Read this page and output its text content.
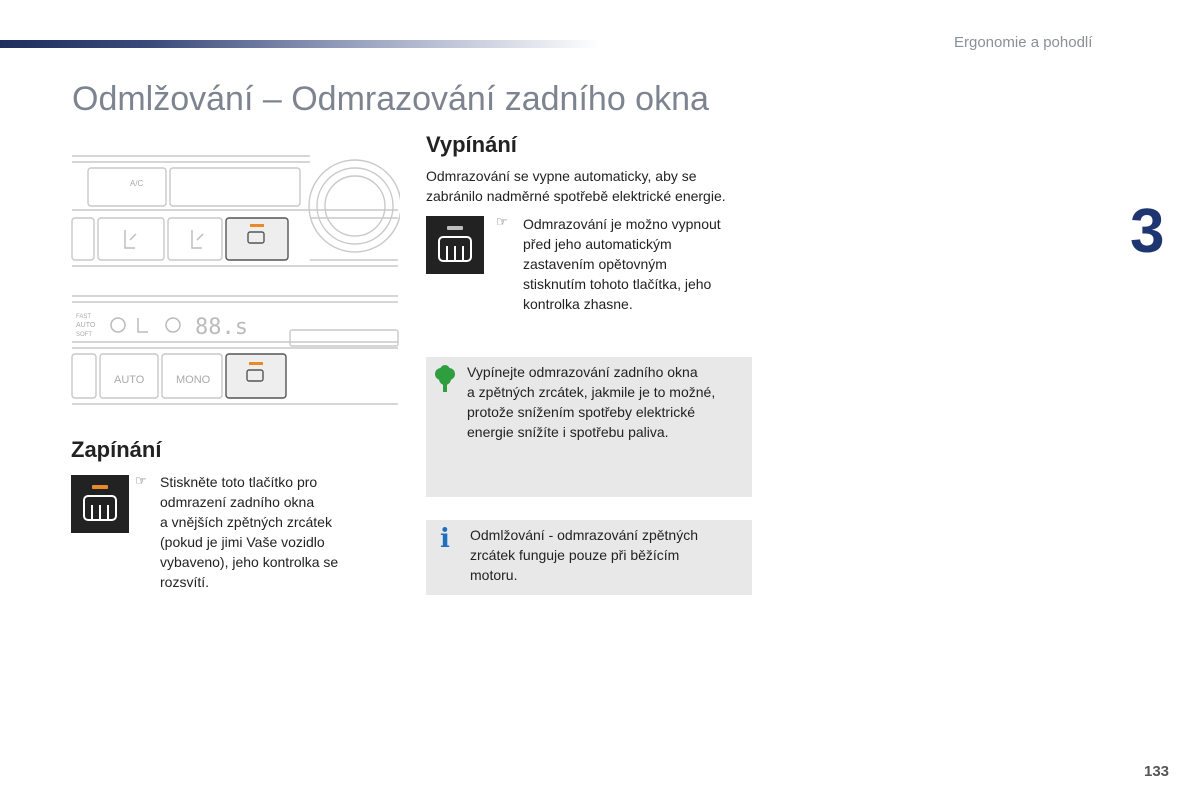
Ergonomie a pohodlí
3
Odmlžování – Odmrazování zadního okna
A/C
FAST
AUTO
SOFT	88.s
AUTO	MONO
Zapínání
☞ Stiskněte toto tlačítko pro
odmrazení zadního okna
a vnějších zpětných zrcátek
(pokud je jimi Vaše vozidlo
vybaveno), jeho kontrolka se
rozsvítí.
Vypínání
Odmrazování se vypne automaticky, aby se
zabránilo nadměrné spotřebě elektrické energie.
☞ Odmrazování je možno vypnout
před jeho automatickým
zastavením opětovným
stisknutím tohoto tlačítka, jeho
kontrolka zhasne.
Vypínejte odmrazování zadního okna
a zpětných zrcátek, jakmile je to možné,
protože snížením spotřeby elektrické
energie snížíte i spotřebu paliva.
i Odmlžování - odmrazování zpětných
zrcátek funguje pouze při běžícím
motoru.
133
